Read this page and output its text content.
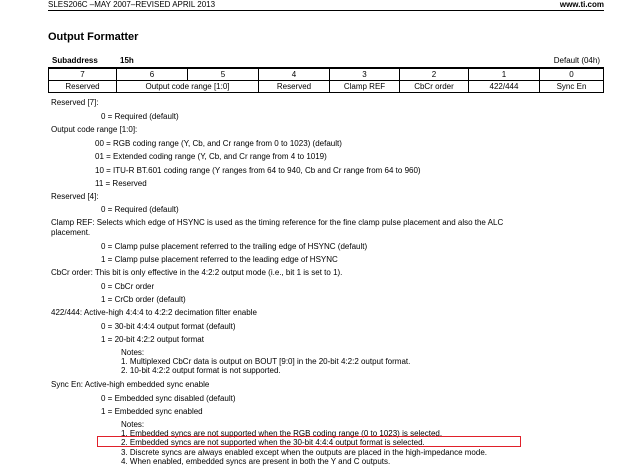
SLES206C –MAY 2007–REVISED APRIL 2013	www.ti.com
Output Formatter
Subaddress	15h	Default (04h)
7	6	5	4	3	2	1	0
Reserved	Output code range [1:0]		Reserved	Clamp REF	CbCr order	422/444	Sync En
Reserved [7]:
0 = Required (default)
Output code range [1:0]:
00 = RGB coding range (Y, Cb, and Cr range from 0 to 1023) (default)
01 = Extended coding range (Y, Cb, and Cr range from 4 to 1019)
10 = ITU-R BT.601 coding range (Y ranges from 64 to 940, Cb and Cr range from 64 to 960)
11 = Reserved
Reserved [4]:
0 = Required (default)
Clamp REF: Selects which edge of HSYNC is used as the timing reference for the fine clamp pulse placement and also the ALC
placement.
0 = Clamp pulse placement referred to the trailing edge of HSYNC (default)
1 = Clamp pulse placement referred to the leading edge of HSYNC
CbCr order: This bit is only effective in the 4:2:2 output mode (i.e., bit 1 is set to 1).
0 = CbCr order
1 = CrCb order (default)
422/444: Active-high 4:4:4 to 4:2:2 decimation filter enable
0 = 30-bit 4:4:4 output format (default)
1 = 20-bit 4:2:2 output format
Notes:
1. Multiplexed CbCr data is output on BOUT [9:0] in the 20-bit 4:2:2 output format.
2. 10-bit 4:2:2 output format is not supported.
Sync En: Active-high embedded sync enable
0 = Embedded sync disabled (default)
1 = Embedded sync enabled
Notes:
1. Embedded syncs are not supported when the RGB coding range (0 to 1023) is selected.
2. Embedded syncs are not supported when the 30-bit 4:4:4 output format is selected.
3. Discrete syncs are always enabled except when the outputs are placed in the high-impedance mode.
4. When enabled, embedded syncs are present in both the Y and C outputs.
